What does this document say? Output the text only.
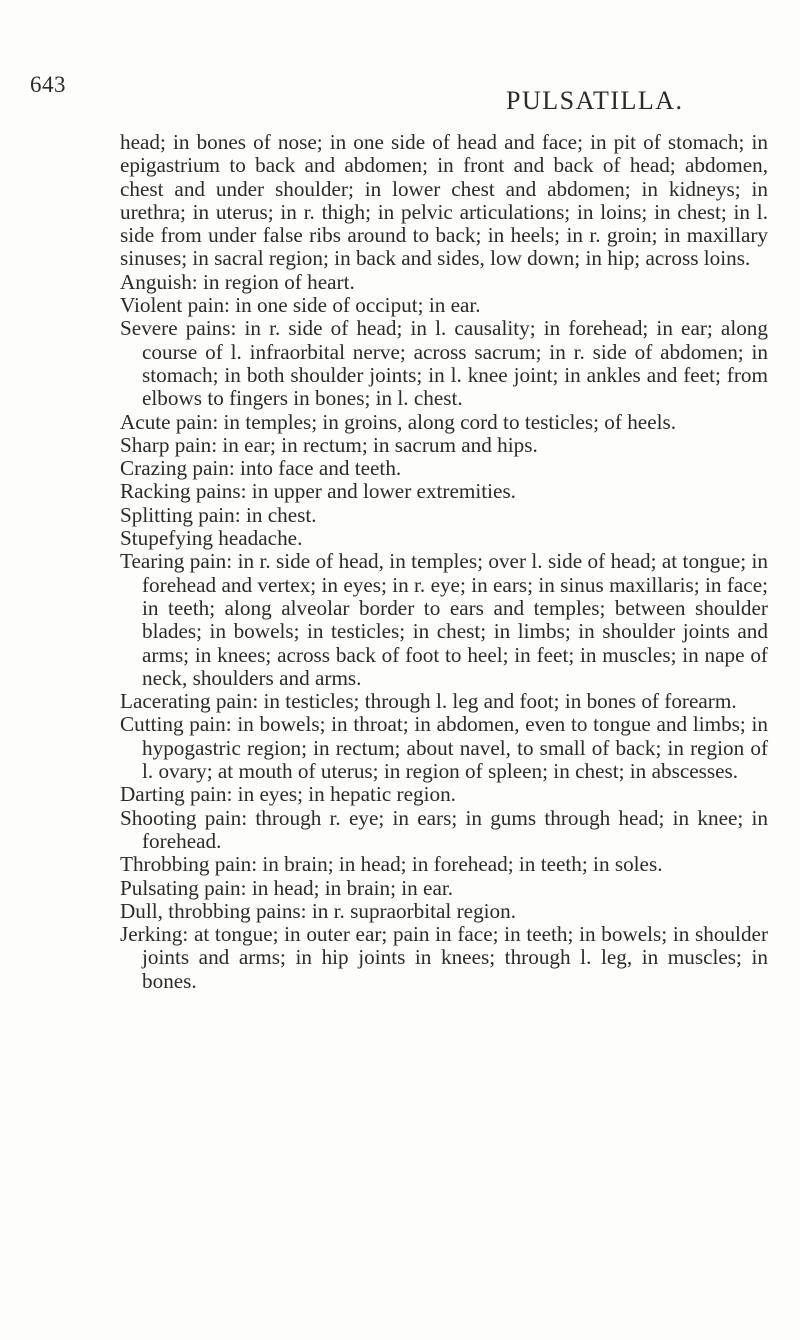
643
PULSATILLA.

head; in bones of nose; in one side of head and face; in pit of stomach; in epigastrium to back and abdomen; in front and back of head; abdomen, chest and under shoulder; in lower chest and abdomen; in kidneys; in urethra; in uterus; in r. thigh; in pelvic articulations; in loins; in chest; in l. side from under false ribs around to back; in heels; in r. groin; in maxillary sinuses; in sacral region; in back and sides, low down; in hip; across loins.

Anguish: in region of heart.

Violent pain: in one side of occiput; in ear.

Severe pains: in r. side of head; in l. causality; in forehead; in ear; along course of l. infraorbital nerve; across sacrum; in r. side of abdomen; in stomach; in both shoulder joints; in l. knee joint; in ankles and feet; from elbows to fingers in bones; in l. chest.

Acute pain: in temples; in groins, along cord to testicles; of heels.

Sharp pain: in ear; in rectum; in sacrum and hips.

Crazing pain: into face and teeth.

Racking pains: in upper and lower extremities.

Splitting pain: in chest.

Stupefying headache.

Tearing pain: in r. side of head, in temples; over l. side of head; at tongue; in forehead and vertex; in eyes; in r. eye; in ears; in sinus maxillaris; in face; in teeth; along alveolar border to ears and temples; between shoulder blades; in bowels; in testicles; in chest; in limbs; in shoulder joints and arms; in knees; across back of foot to heel; in feet; in muscles; in nape of neck, shoulders and arms.

Lacerating pain: in testicles; through l. leg and foot; in bones of forearm.

Cutting pain: in bowels; in throat; in abdomen, even to tongue and limbs; in hypogastric region; in rectum; about navel, to small of back; in region of l. ovary; at mouth of uterus; in region of spleen; in chest; in abscesses.

Darting pain: in eyes; in hepatic region.

Shooting pain: through r. eye; in ears; in gums through head; in knee; in forehead.

Throbbing pain: in brain; in head; in forehead; in teeth; in soles.

Pulsating pain: in head; in brain; in ear.

Dull, throbbing pains: in r. supraorbital region.

Jerking: at tongue; in outer ear; pain in face; in teeth; in bowels; in shoulder joints and arms; in hip joints in knees; through l. leg, in muscles; in bones.
